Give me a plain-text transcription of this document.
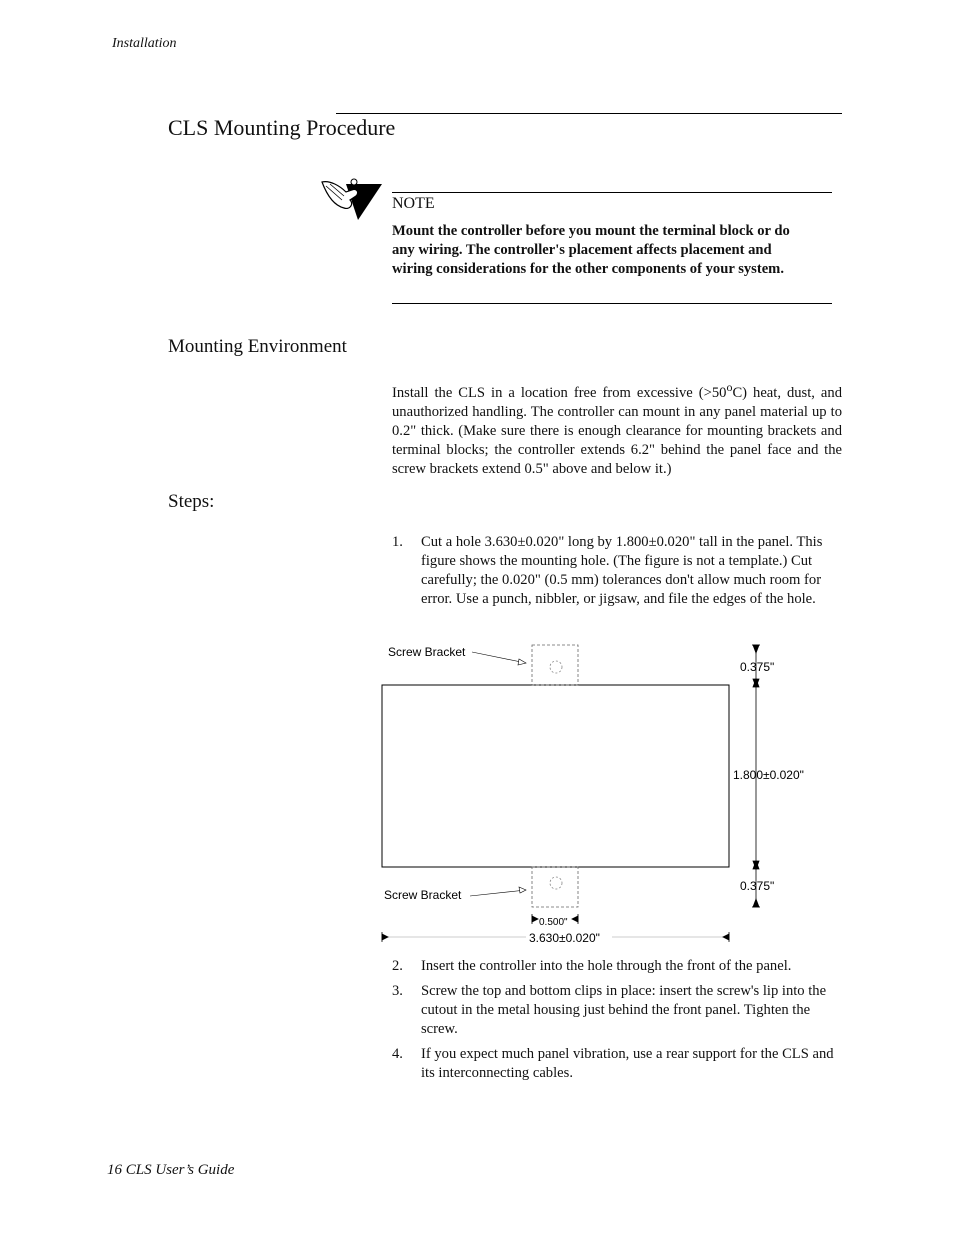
Installation
CLS Mounting Procedure
NOTE
Mount the controller before you mount the terminal block or do any wiring. The controller's placement affects placement and wiring considerations for the other components of your system.
Mounting Environment
Install the CLS in a location free from excessive $(>50^oC)$ heat, dust, and unauthorized handling. The controller can mount in any panel material up to 0.2" thick. (Make sure there is enough clearance for mounting brackets and terminal blocks; the controller extends 6.2" behind the panel face and the screw brackets extend 0.5" above and below it.)
Steps:
1. Cut a hole 3.630±0.020" long by 1.800±0.020" tall in the panel. This figure shows the mounting hole. (The figure is not a template.) Cut carefully; the 0.020" (0.5 mm) tolerances don't allow much room for error. Use a punch, nibbler, or jigsaw, and file the edges of the hole.
Screw Bracket
Screw Bracket
0.375"
1.800±0.020"
0.375"
0.500"
3.630±0.020"
2. Insert the controller into the hole through the front of the panel.
3. Screw the top and bottom clips in place: insert the screw's lip into the cutout in the metal housing just behind the front panel. Tighten the screw.
4. If you expect much panel vibration, use a rear support for the CLS and its interconnecting cables.
16 CLS User’s Guide
